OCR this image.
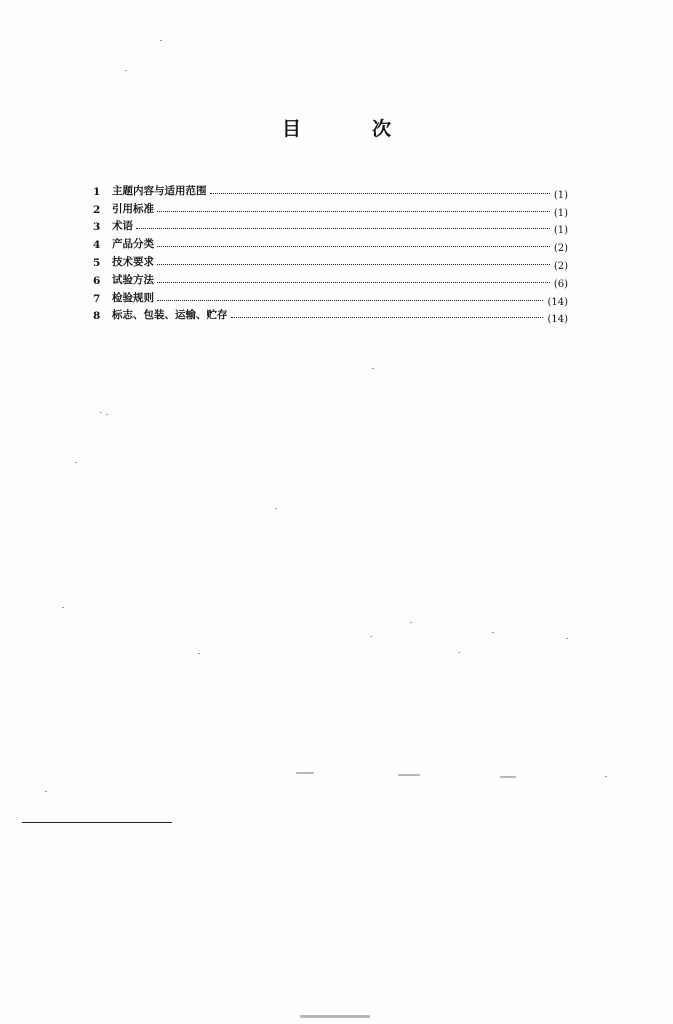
目　次
1	主题内容与适用范围	(1)
2	引用标准	(1)
3	术语	(1)
4	产品分类	(2)
5	技术要求	(2)
6	试验方法	(6)
7	检验规则	(14)
8	标志、包装、运输、贮存	(14)
